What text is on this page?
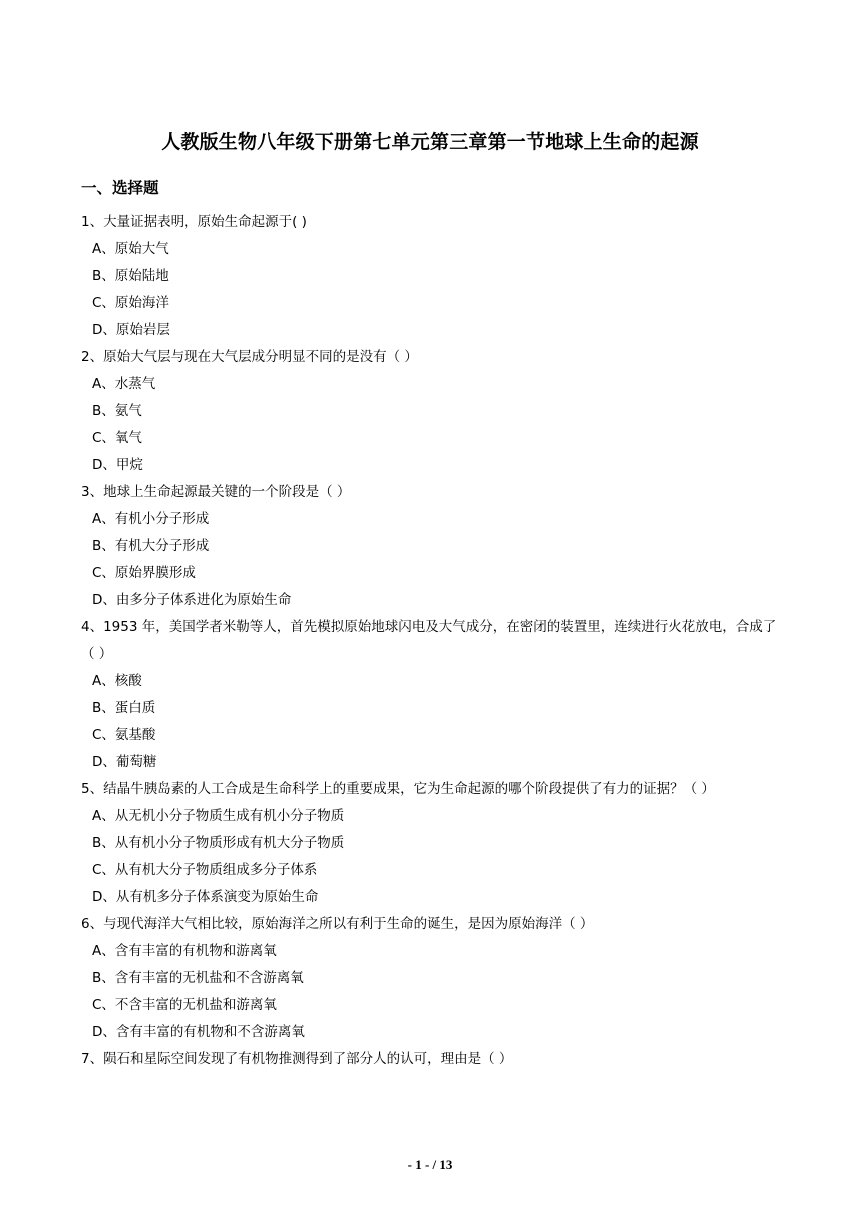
人教版生物八年级下册第七单元第三章第一节地球上生命的起源
一、选择题
1、大量证据表明，原始生命起源于( )
A、原始大气
B、原始陆地
C、原始海洋
D、原始岩层
2、原始大气层与现在大气层成分明显不同的是没有（ ）
A、水蒸气
B、氨气
C、氧气
D、甲烷
3、地球上生命起源最关键的一个阶段是（ ）
A、有机小分子形成
B、有机大分子形成
C、原始界膜形成
D、由多分子体系进化为原始生命
4、1953 年，美国学者米勒等人，首先模拟原始地球闪电及大气成分，在密闭的装置里，连续进行火花放电，合成了（ ）
A、核酸
B、蛋白质
C、氨基酸
D、葡萄糖
5、结晶牛胰岛素的人工合成是生命科学上的重要成果，它为生命起源的哪个阶段提供了有力的证据？（ ）
A、从无机小分子物质生成有机小分子物质
B、从有机小分子物质形成有机大分子物质
C、从有机大分子物质组成多分子体系
D、从有机多分子体系演变为原始生命
6、与现代海洋大气相比较，原始海洋之所以有利于生命的诞生，是因为原始海洋（ ）
A、含有丰富的有机物和游离氧
B、含有丰富的无机盐和不含游离氧
C、不含丰富的无机盐和游离氧
D、含有丰富的有机物和不含游离氧
7、陨石和星际空间发现了有机物推测得到了部分人的认可，理由是（ ）
- 1 - / 13
